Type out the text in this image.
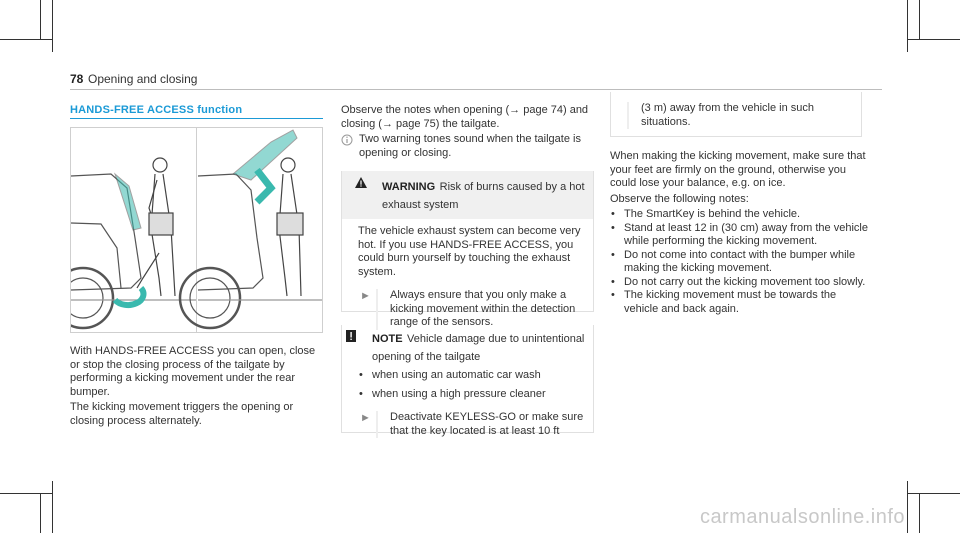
78 Opening and closing
HANDS-FREE ACCESS function

With HANDS-FREE ACCESS you can open, close or stop the closing process of the tailgate by performing a kicking movement under the rear bumper.

The kicking movement triggers the opening or closing process alternately.

Observe the notes when opening (→ page 74) and closing (→ page 75) the tailgate.

Two warning tones sound when the tailgate is opening or closing.

WARNING Risk of burns caused by a hot exhaust system

The vehicle exhaust system can become very hot. If you use HANDS-FREE ACCESS, you could burn yourself by touching the exhaust system.

► Always ensure that you only make a kicking movement within the detection range of the sensors.

NOTE Vehicle damage due to unintentional opening of the tailgate
• when using an automatic car wash
• when using a high pressure cleaner
► Deactivate KEYLESS-GO or make sure that the key located is at least 10 ft

(3 m) away from the vehicle in such situations.

When making the kicking movement, make sure that your feet are firmly on the ground, otherwise you could lose your balance, e.g. on ice.

Observe the following notes:

• The SmartKey is behind the vehicle.
• Stand at least 12 in (30 cm) away from the vehicle while performing the kicking movement.
• Do not come into contact with the bumper while making the kicking movement.
• Do not carry out the kicking movement too slowly.
• The kicking movement must be towards the vehicle and back again.
carmanualsonline.info
